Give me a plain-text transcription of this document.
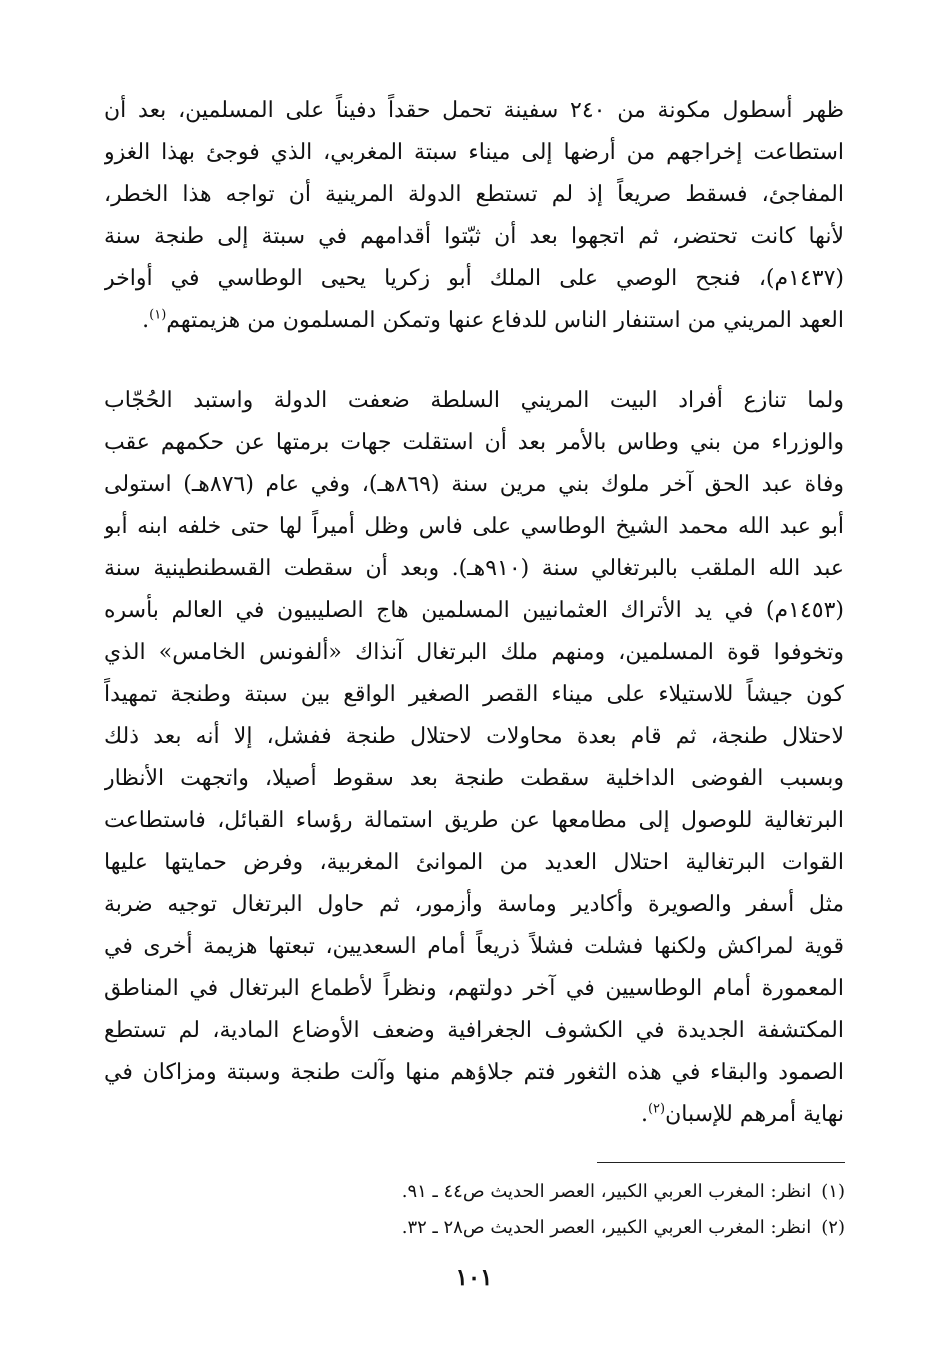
ظهر أسطول مكونة من ٢٤٠ سفينة تحمل حقداً دفيناً على المسلمين، بعد أن
استطاعت إخراجهم من أرضها إلى ميناء سبتة المغربي، الذي فوجئ بهذا الغزو
المفاجئ، فسقط صريعاً إذ لم تستطع الدولة المرينية أن تواجه هذا الخطر،
لأنها كانت تحتضر، ثم اتجهوا بعد أن ثبّتوا أقدامهم في سبتة إلى طنجة سنة
(١٤٣٧م)، فنجح الوصي على الملك أبو زكريا يحيى الوطاسي في أواخر
العهد المريني من استنفار الناس للدفاع عنها وتمكن المسلمون من هزيمتهم$^{(١)}$.
ولما تنازع أفراد البيت المريني السلطة ضعفت الدولة واستبد الحُجّاب
والوزراء من بني وطاس بالأمر بعد أن استقلت جهات برمتها عن حكمهم عقب
وفاة عبد الحق آخر ملوك بني مرين سنة (٨٦٩هـ)، وفي عام (٨٧٦هـ) استولى
أبو عبد الله محمد الشيخ الوطاسي على فاس وظل أميراً لها حتى خلفه ابنه أبو
عبد الله الملقب بالبرتغالي سنة (٩١٠هـ). وبعد أن سقطت القسطنطينية سنة
(١٤٥٣م) في يد الأتراك العثمانيين المسلمين هاج الصليبيون في العالم بأسره
وتخوفوا قوة المسلمين، ومنهم ملك البرتغال آنذاك «ألفونس الخامس» الذي
كون جيشاً للاستيلاء على ميناء القصر الصغير الواقع بين سبتة وطنجة تمهيداً
لاحتلال طنجة، ثم قام بعدة محاولات لاحتلال طنجة ففشل، إلا أنه بعد ذلك
وبسبب الفوضى الداخلية سقطت طنجة بعد سقوط أصيلا، واتجهت الأنظار
البرتغالية للوصول إلى مطامعها عن طريق استمالة رؤساء القبائل، فاستطاعت
القوات البرتغالية احتلال العديد من الموانئ المغربية، وفرض حمايتها عليها
مثل أسفر والصويرة وأكادير وماسة وأزمور، ثم حاول البرتغال توجيه ضربة
قوية لمراكش ولكنها فشلت فشلاً ذريعاً أمام السعديين، تبعتها هزيمة أخرى في
المعمورة أمام الوطاسيين في آخر دولتهم، ونظراً لأطماع البرتغال في المناطق
المكتشفة الجديدة في الكشوف الجغرافية وضعف الأوضاع المادية، لم تستطع
الصمود والبقاء في هذه الثغور فتم جلاؤهم منها وآلت طنجة وسبتة ومزاكان في
نهاية أمرهم للإسبان$^{(٢)}$.
(١)انظر: المغرب العربي الكبير، العصر الحديث ص٤٤ ـ ٩١.
(٢)انظر: المغرب العربي الكبير، العصر الحديث ص٢٨ ـ ٣٢.
١٠١
